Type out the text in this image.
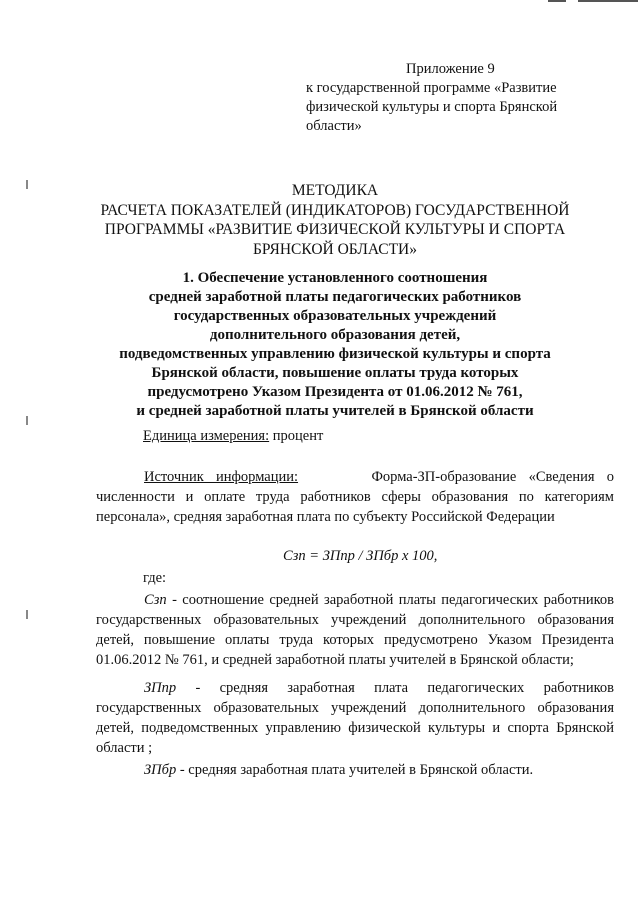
Приложение 9
к государственной программе «Развитие
физической культуры и спорта Брянской
области»
МЕТОДИКА
РАСЧЕТА ПОКАЗАТЕЛЕЙ (ИНДИКАТОРОВ) ГОСУДАРСТВЕННОЙ
ПРОГРАММЫ «РАЗВИТИЕ ФИЗИЧЕСКОЙ КУЛЬТУРЫ И СПОРТА
БРЯНСКОЙ ОБЛАСТИ»
1. Обеспечение установленного соотношения
средней заработной платы педагогических работников
государственных образовательных учреждений
дополнительного образования детей,
подведомственных управлению физической культуры и спорта
Брянской области, повышение оплаты труда которых
предусмотрено Указом Президента от 01.06.2012 № 761,
и средней заработной платы учителей в Брянской области
Единица измерения: процент
Источник информации:	Форма-ЗП-образование «Сведения о
численности и оплате труда работников сферы образования по категориям
персонала», средняя заработная плата по субъекту Российской Федерации
Сзп = ЗПпр / ЗПбр х 100,
где:
Сзп - соотношение средней заработной платы педагогических работников
государственных образовательных учреждений дополнительного образования
детей, повышение оплаты труда которых предусмотрено Указом Президента
01.06.2012 № 761, и средней заработной платы учителей в Брянской области;
ЗПпр - средняя заработная плата педагогических работников
государственных образовательных учреждений дополнительного образования
детей, подведомственных управлению физической культуры и спорта Брянской
области ;
ЗПбр - средняя заработная плата учителей в Брянской области.
